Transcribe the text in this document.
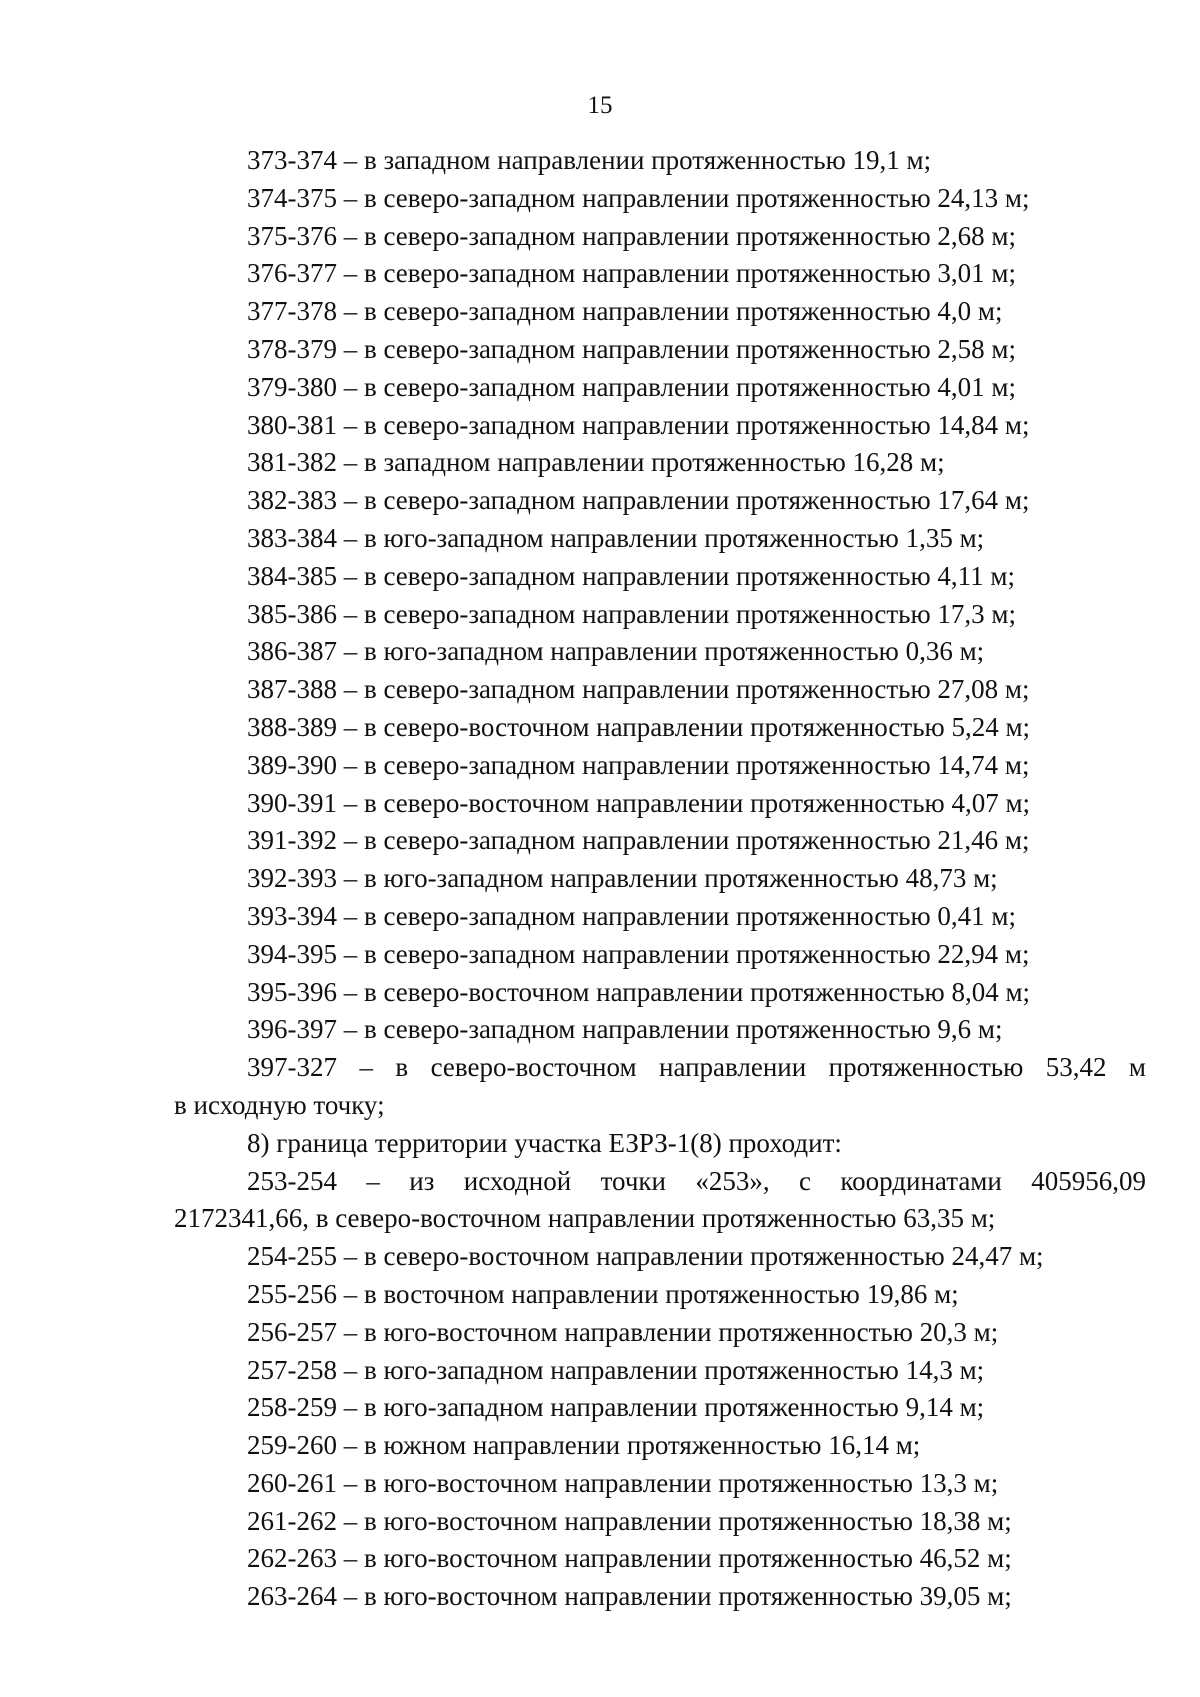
15
373-374 – в западном направлении протяженностью 19,1 м;
374-375 – в северо-западном направлении протяженностью 24,13 м;
375-376 – в северо-западном направлении протяженностью 2,68 м;
376-377 – в северо-западном направлении протяженностью 3,01 м;
377-378 – в северо-западном направлении протяженностью 4,0 м;
378-379 – в северо-западном направлении протяженностью 2,58 м;
379-380 – в северо-западном направлении протяженностью 4,01 м;
380-381 – в северо-западном направлении протяженностью 14,84 м;
381-382 – в западном направлении протяженностью 16,28 м;
382-383 – в северо-западном направлении протяженностью 17,64 м;
383-384 – в юго-западном направлении протяженностью 1,35 м;
384-385 – в северо-западном направлении протяженностью 4,11 м;
385-386 – в северо-западном направлении протяженностью 17,3 м;
386-387 – в юго-западном направлении протяженностью 0,36 м;
387-388 – в северо-западном направлении протяженностью 27,08 м;
388-389 – в северо-восточном направлении протяженностью 5,24 м;
389-390 – в северо-западном направлении протяженностью 14,74 м;
390-391 – в северо-восточном направлении протяженностью 4,07 м;
391-392 – в северо-западном направлении протяженностью 21,46 м;
392-393 – в юго-западном направлении протяженностью 48,73 м;
393-394 – в северо-западном направлении протяженностью 0,41 м;
394-395 – в северо-западном направлении протяженностью 22,94 м;
395-396 – в северо-восточном направлении протяженностью 8,04 м;
396-397 – в северо-западном направлении протяженностью 9,6 м;
397-327 – в северо-восточном направлении протяженностью 53,42 м
в исходную точку;
8) граница территории участка ЕЗРЗ-1(8) проходит:
253-254 – из исходной точки «253», с координатами 405956,09
2172341,66, в северо-восточном направлении протяженностью 63,35 м;
254-255 – в северо-восточном направлении протяженностью 24,47 м;
255-256 – в восточном направлении протяженностью 19,86 м;
256-257 – в юго-восточном направлении протяженностью 20,3 м;
257-258 – в юго-западном направлении протяженностью 14,3 м;
258-259 – в юго-западном направлении протяженностью 9,14 м;
259-260 – в южном направлении протяженностью 16,14 м;
260-261 – в юго-восточном направлении протяженностью 13,3 м;
261-262 – в юго-восточном направлении протяженностью 18,38 м;
262-263 – в юго-восточном направлении протяженностью 46,52 м;
263-264 – в юго-восточном направлении протяженностью 39,05 м;
